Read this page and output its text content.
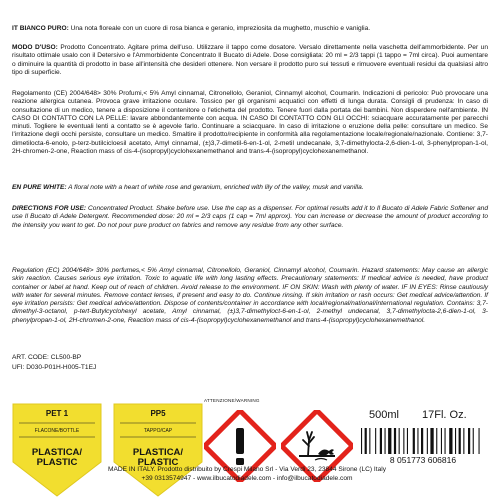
IT BIANCO PURO: Una nota floreale con un cuore di rosa bianca e geranio, impreziosita da mughetto, muschio e vaniglia.

MODO D'USO: Prodotto Concentrato. Agitare prima dell'uso. Utilizzare il tappo come dosatore. Versalo direttamente nella vaschetta dell'ammorbidente. Per un risultato ottimale usalo con il Detersivo e l'Ammorbidente Concentrato Il Bucato di Adele. Dose consigliata: 20 ml = 2/3 tappi (1 tappo = 7ml circa). Puoi aumentare o diminuire la quantità di prodotto in base all'intensità che desideri ottenere. Non versare il prodotto puro sui tessuti e rimuovere eventuali residui da qualsiasi altro tipo di superficie.

Regolamento (CE) 2004/648> 30% Profumi,< 5% Amyl cinnamal, Citronellolo, Geraniol, Cinnamyl alcohol, Coumarin. Indicazioni di pericolo: Può provocare una reazione allergica cutanea. Provoca grave irritazione oculare. Tossico per gli organismi acquatici con effetti di lunga durata. Consigli di prudenza: In caso di consultazione di un medico, tenere a disposizione il contenitore o l'etichetta del prodotto. Tenere fuori dalla portata dei bambini. Non disperdere nell'ambiente. IN CASO DI CONTATTO CON LA PELLE: lavare abbondantemente con acqua. IN CASO DI CONTATTO CON GLI OCCHI: sciacquare accuratamente per parecchi minuti. Togliere le eventuali lenti a contatto se è agevole farlo. Continuare a sciacquare. In caso di irritazione o eruzione della pelle: consultare un medico. Se l'irritazione degli occhi persiste, consultare un medico. Smaltire il prodotto/recipiente in conformità alla regolamentazione locale/regionale/nazionale. Contiene: 3,7-dimetilocta-6-enolo, p-terz-butilcicloesil acetato, Amyl cinnamal, (±)3,7-dimetil-6-en-1-ol, 2-metil undecanale, 3,7-dimethylocta-2,6-dien-1-ol, 3-phenylpropan-1-ol, 2H-chromen-2-one, Reaction mass of cis-4-(isopropyl)cyclohexanemethanol and trans-4-(isopropyl)cyclohexanemethanol.

EN PURE WHITE: A floral note with a heart of white rose and geranium, enriched with lily of the valley, musk and vanilla.

DIRECTIONS FOR USE: Concentrated Product. Shake before use. Use the cap as a dispenser. For optimal results add it to Il Bucato di Adele Fabric Softener and use Il Bucato di Adele Detergent. Recommended dose: 20 ml = 2/3 caps (1 cap = 7ml approx). You can increase or decrease the amount of product according to the intensity you want to get. Do not pour pure product on fabrics and remove any residue from any other surface.

Regulation (EC) 2004/648> 30% perfumes,< 5% Amyl cinnamal, Citronellolo, Geraniol, Cinnamyl alcohol, Coumarin. Hazard statements: May cause an allergic skin reaction. Causes serious eye irritation. Toxic to aquatic life with long lasting effects. Precautionary statements: If medical advice is needed, have product container or label at hand. Keep out of reach of children. Avoid release to the environment. IF ON SKIN: Wash with plenty of water. IF IN EYES: Rinse cautiously with water for several minutes. Remove contact lenses, if present and easy to do. Continue rinsing. If skin irritation or rash occurs: Get medical advice/attention. If eye irritation persists: Get medical advice/attention. Dispose of contents/container in accordance with local/regional/national/international regulation. Contains: 3,7-dimethyl-3-octanol, p-tert-Butylcyclohexyl acetate, Amyl cinnamal, (±)3,7-dimethyloct-6-en-1-ol, 2-methyl undecanal, 3,7-dimethylocta-2,6-dien-1-ol, 3-phenylpropan-1-ol, 2H-chromen-2-one, Reaction mass of cis-4-(isopropyl)cyclohexanemethanol and trans-4-(isopropyl)cyclohexanemethanol.

ART. CODE: CL500-BP
UFI: D030-P01H-H005-T1EJ
PET 1
FLACONE/BOTTLE
PLASTICA/ PLASTIC
PP5
TAPPO/CAP
PLASTICA/ PLASTIC
ATTENZIONE/WARNING
500ml 17Fl. Oz.
8 051773 606816
MADE IN ITALY. Prodotto distribuito by Crespi Milano Srl - Via Verdi 23, 23844 Sirone (LC) Italy
+39 0313574947 - www.ilbucatodiadele.com - info@ilbucatodiadele.com
